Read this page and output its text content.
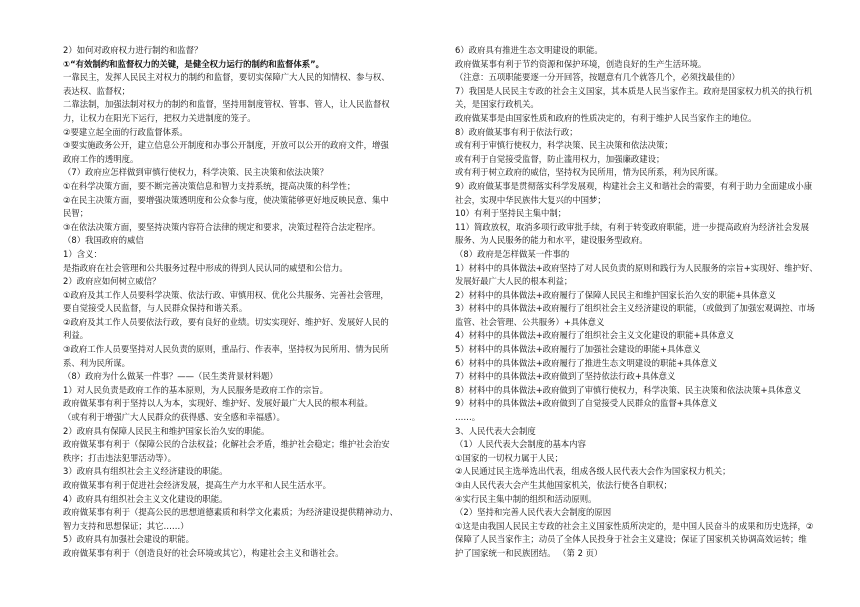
2）如何对政府权力进行制约和监督？
①“有效制约和监督权力的关键，是健全权力运行的制约和监督体系”。
一靠民主，发挥人民民主对权力的制约和监督，要切实保障广大人民的知情权、参与权、
表达权、监督权；
二靠法制，加强法制对权力的制约和监督，坚持用制度管权、管事、管人，让人民监督权
力，让权力在阳光下运行，把权力关进制度的笼子。
②要建立起全面的行政监督体系。
③要实施政务公开，建立信息公开制度和办事公开制度，开放可以公开的政府文件，增强
政府工作的透明度。
（7）政府应怎样做到审慎行使权力，科学决策、民主决策和依法决策？
①在科学决策方面，要不断完善决策信息和智力支持系统，提高决策的科学性；
②在民主决策方面，要增强决策透明度和公众参与度，使决策能够更好地反映民意、集中
民智；
③在依法决策方面，要坚持决策内容符合法律的规定和要求，决策过程符合法定程序。
（8）我国政府的威信
1）含义：
是指政府在社会管理和公共服务过程中形成的得到人民认同的威望和公信力。
2）政府应如何树立威信？
①政府及其工作人员要科学决策、依法行政、审慎用权、优化公共服务、完善社会管理，
要自觉接受人民监督，与人民群众保持和谐关系。
②政府及其工作人员要依法行政，要有良好的业绩。切实实现好、维护好、发展好人民的
利益。
③政府工作人员要坚持对人民负责的原则，重品行、作表率，坚持权为民所用、情为民所
系、利为民所谋。
（8）政府为什么做某一件事？——（民生类背景材料题）
1）对人民负责是政府工作的基本原则，为人民服务是政府工作的宗旨。
政府做某事有利于坚持以人为本，实现好、维护好、发展好最广大人民的根本利益。
（或有利于增强广大人民群众的获得感、安全感和幸福感）。
2）政府具有保障人民民主和维护国家长治久安的职能。
政府做某事有利于（保障公民的合法权益；化解社会矛盾，维护社会稳定；维护社会治安
秩序；打击违法犯罪活动等）。
3）政府具有组织社会主义经济建设的职能。
政府做某事有利于促进社会经济发展，提高生产力水平和人民生活水平。
4）政府具有组织社会主义文化建设的职能。
政府做某事有利于（提高公民的思想道德素质和科学文化素质；为经济建设提供精神动力、
智力支持和思想保证；其它……）
5）政府具有加强社会建设的职能。
政府做某事有利于（创造良好的社会环境或其它），构建社会主义和谐社会。
6）政府具有推进生态文明建设的职能。
政府做某事有利于节约资源和保护环境，创造良好的生产生活环境。
（注意：五项职能要逐一分开回答，按题意有几个就答几个，必须找最佳的）
7）我国是人民民主专政的社会主义国家，其本质是人民当家作主。政府是国家权力机关的执行机
关，是国家行政机关。
政府做某事是由国家性质和政府的性质决定的，有利于维护人民当家作主的地位。
8）政府做某事有利于依法行政；
或有利于审慎行使权力，科学决策、民主决策和依法决策；
或有利于自觉接受监督，防止滥用权力，加强廉政建设；
或有利于树立政府的威信，坚持权为民所用，情为民所系，利为民所谋。
9）政府做某事是贯彻落实科学发展观，构建社会主义和谐社会的需要，有利于助力全面建成小康
社会，实现中华民族伟大复兴的中国梦；
10）有利于坚持民主集中制；
11）简政放权，取消多项行政审批手续，有利于转变政府职能，进一步提高政府为经济社会发展
服务、为人民服务的能力和水平，建设服务型政府。
（8）政府是怎样做某一件事的
1）材料中的具体做法+政府坚持了对人民负责的原则和践行为人民服务的宗旨+实现好、维护好、
发展好最广大人民的根本利益；
2）材料中的具体做法+政府履行了保障人民民主和维护国家长治久安的职能+具体意义
3）材料中的具体做法+政府履行了组织社会主义经济建设的职能，（或做到了加强宏观调控、市场
监管、社会管理、公共服务）+具体意义
4）材料中的具体做法+政府履行了组织社会主义文化建设的职能+具体意义
5）材料中的具体做法+政府履行了加强社会建设的职能+具体意义
6）材料中的具体做法+政府履行了推进生态文明建设的职能+具体意义
7）材料中的具体做法+政府做到了坚持依法行政+具体意义
8）材料中的具体做法+政府做到了审慎行使权力，科学决策、民主决策和依法决策+具体意义
9）材料中的具体做法+政府做到了自觉接受人民群众的监督+具体意义
……。
3、人民代表大会制度
（1）人民代表大会制度的基本内容
①国家的一切权力属于人民；
②人民通过民主选举选出代表，组成各级人民代表大会作为国家权力机关；
③由人民代表大会产生其他国家机关，依法行使各自职权；
④实行民主集中制的组织和活动原则。
（2）坚持和完善人民代表大会制度的原因
①这是由我国人民民主专政的社会主义国家性质所决定的，是中国人民奋斗的成果和历史选择，②
保障了人民当家作主；动员了全体人民投身于社会主义建设；保证了国家机关协调高效运转；维
护了国家统一和民族团结。 （第 2 页）
